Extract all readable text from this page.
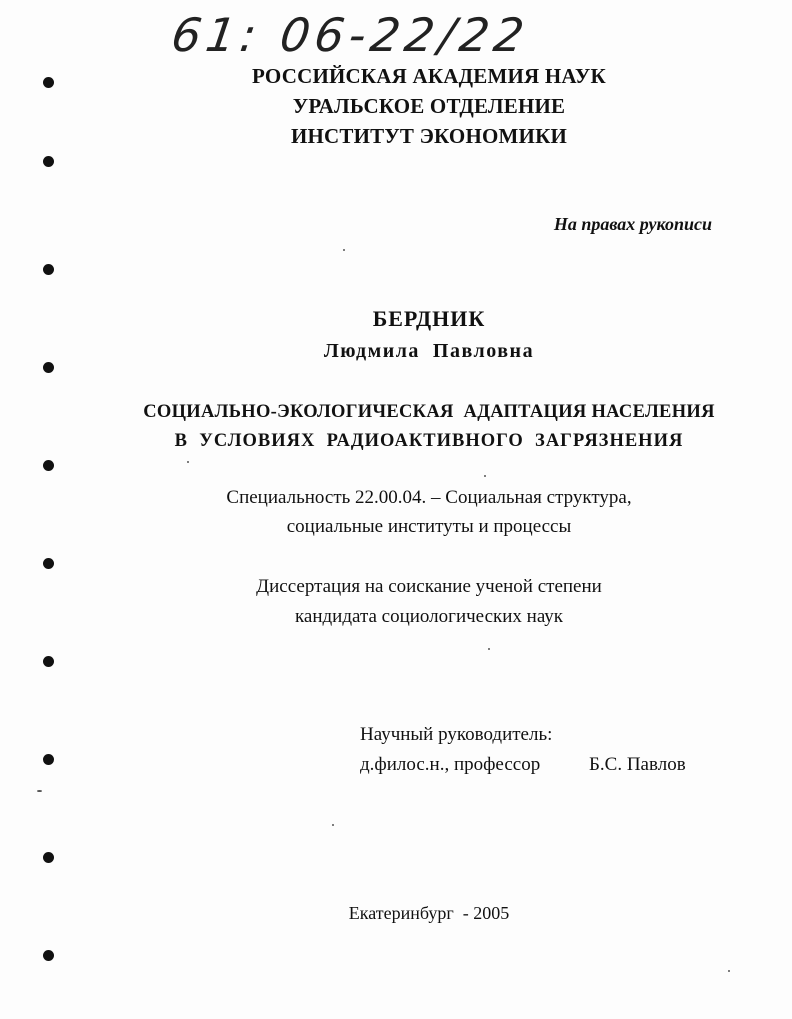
61: 06-22/22
РОССИЙСКАЯ АКАДЕМИЯ НАУК
УРАЛЬСКОЕ ОТДЕЛЕНИЕ
ИНСТИТУТ ЭКОНОМИКИ
На правах рукописи
БЕРДНИК
Людмила  Павловна
СОЦИАЛЬНО-ЭКОЛОГИЧЕСКАЯ  АДАПТАЦИЯ НАСЕЛЕНИЯ
В  УСЛОВИЯХ  РАДИОАКТИВНОГО  ЗАГРЯЗНЕНИЯ
Специальность 22.00.04. – Социальная структура,
социальные институты и процессы
Диссертация на соискание ученой степени
кандидата социологических наук
Научный руководитель:
д.филос.н., профессор	Б.С. Павлов
Екатеринбург  - 2005
